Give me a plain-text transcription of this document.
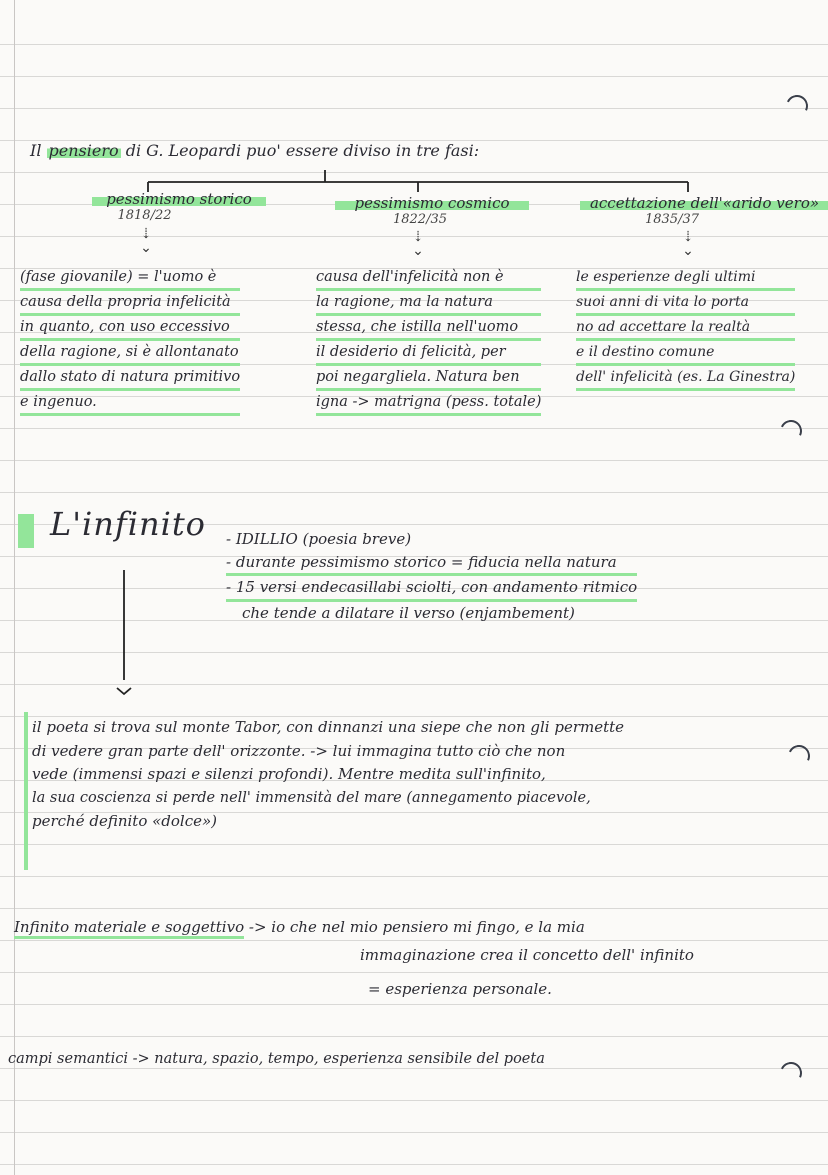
Il pensiero di G. Leopardi puo' essere diviso in tre fasi:
pessimismo storico
1818/22
⇣
⌄
pessimismo cosmico
1822/35
⇣
⌄
accettazione dell'«arido vero»
1835/37
⇣
⌄
(fase giovanile) = l'uomo è
causa della propria infelicità
in quanto, con uso eccessivo
della ragione, si è allontanato
dallo stato di natura primitivo
e ingenuo.
causa dell'infelicità non è
la ragione, ma la natura
stessa, che istilla nell'uomo
il desiderio di felicità, per
poi negargliela. Natura ben
igna -> matrigna (pess. totale)
le esperienze degli ultimi
suoi anni di vita lo porta
no ad accettare la realtà
e il destino comune
dell' infelicità (es. La Ginestra)
L'infinito - IDILLIO (poesia breve)
- durante pessimismo storico = fiducia nella natura
- 15 versi endecasillabi sciolti, con andamento ritmico
che tende a dilatare il verso (enjambement)
il poeta si trova sul monte Tabor, con dinnanzi una siepe che non gli permette
di vedere gran parte dell' orizzonte. -> lui immagina tutto ciò che non
vede (immensi spazi e silenzi profondi). Mentre medita sull'infinito,
la sua coscienza si perde nell' immensità del mare (annegamento piacevole,
perché definito «dolce»)
Infinito materiale e soggettivo -> io che nel mio pensiero mi fingo, e la mia
immaginazione crea il concetto dell' infinito
= esperienza personale.
campi semantici -> natura, spazio, tempo, esperienza sensibile del poeta
